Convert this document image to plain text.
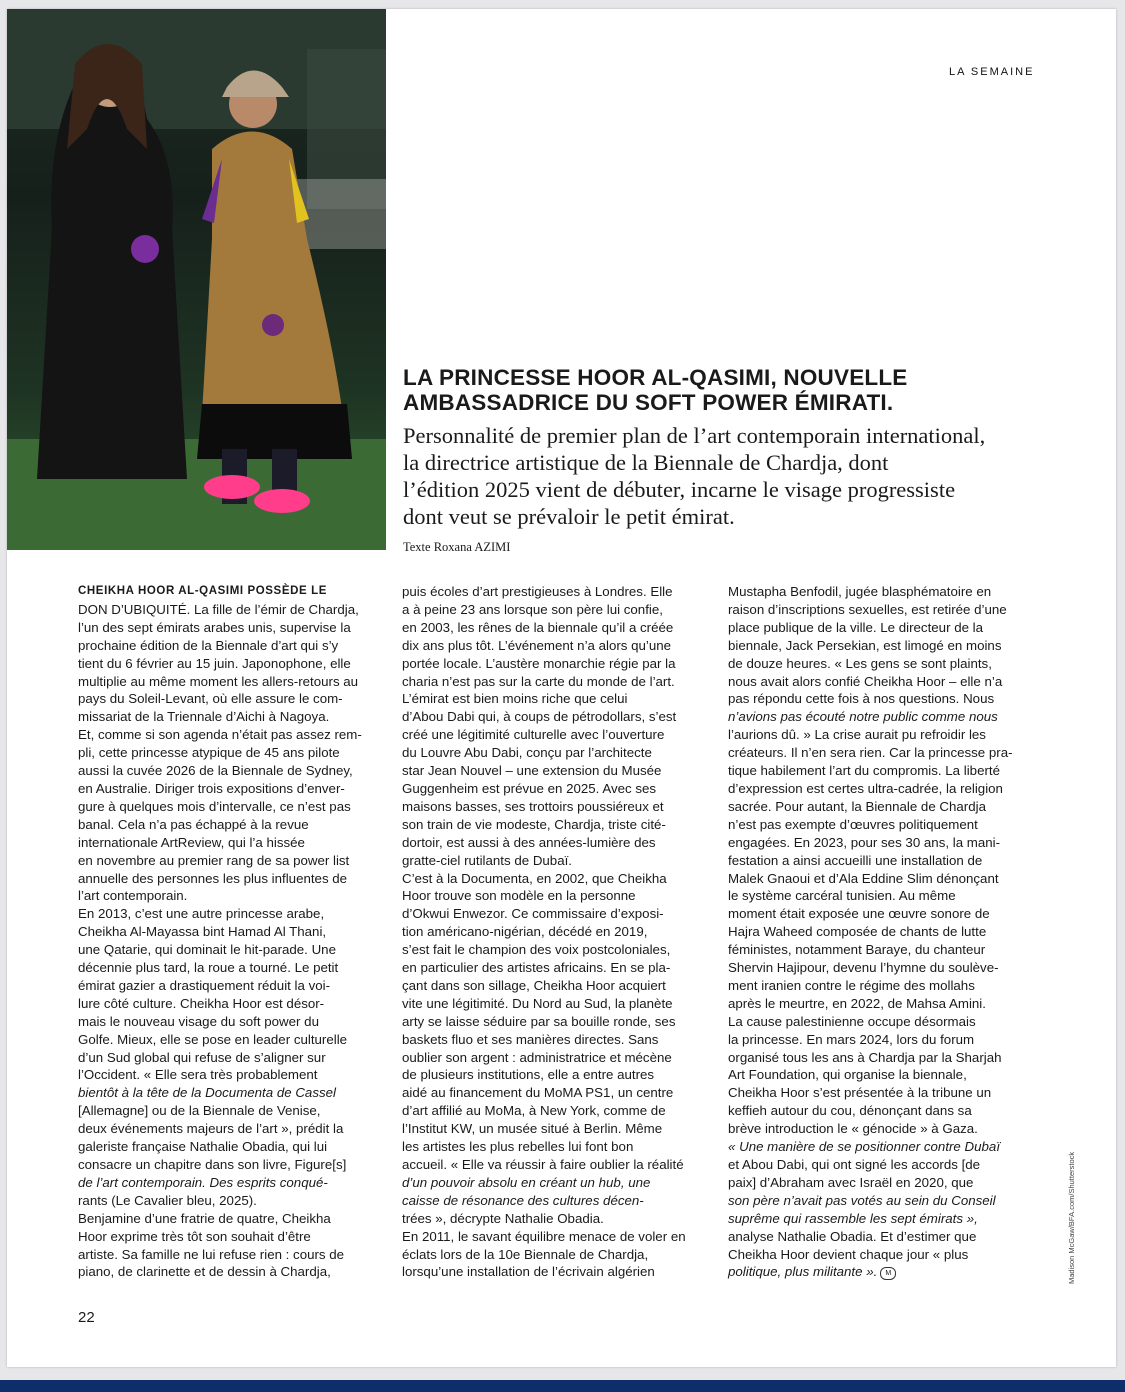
LA SEMAINE
LA PRINCESSE HOOR AL-QASIMI, NOUVELLE
AMBASSADRICE DU SOFT POWER ÉMIRATI.
Personnalité de premier plan de l’art contemporain international,
la directrice artistique de la Biennale de Chardja, dont
l’édition 2025 vient de débuter, incarne le visage progressiste
dont veut se prévaloir le petit émirat.
Texte Roxana AZIMI
CHEIKHA HOOR AL-QASIMI POSSÈDE LE
DON D’UBIQUITÉ. La fille de l’émir de Chardja,
l’un des sept émirats arabes unis, supervise la
prochaine édition de la Biennale d’art qui s’y
tient du 6 février au 15 juin. Japonophone, elle
multiplie au même moment les allers-retours au
pays du Soleil-Levant, où elle assure le com-
missariat de la Triennale d’Aichi à Nagoya.
Et, comme si son agenda n’était pas assez rem-
pli, cette princesse atypique de 45 ans pilote
aussi la cuvée 2026 de la Biennale de Sydney,
en Australie. Diriger trois expositions d’enver-
gure à quelques mois d’intervalle, ce n’est pas
banal. Cela n’a pas échappé à la revue
internationale ArtReview, qui l’a hissée
en novembre au premier rang de sa power list
annuelle des personnes les plus influentes de
l’art contemporain.
En 2013, c’est une autre princesse arabe,
Cheikha Al-Mayassa bint Hamad Al Thani,
une Qatarie, qui dominait le hit-parade. Une
décennie plus tard, la roue a tourné. Le petit
émirat gazier a drastiquement réduit la voi-
lure côté culture. Cheikha Hoor est désor-
mais le nouveau visage du soft power du
Golfe. Mieux, elle se pose en leader culturelle
d’un Sud global qui refuse de s’aligner sur
l’Occident. « Elle sera très probablement
bientôt à la tête de la Documenta de Cassel
[Allemagne] ou de la Biennale de Venise,
deux événements majeurs de l’art », prédit la
galeriste française Nathalie Obadia, qui lui
consacre un chapitre dans son livre, Figure[s]
de l’art contemporain. Des esprits conqué-
rants (Le Cavalier bleu, 2025).
Benjamine d’une fratrie de quatre, Cheikha
Hoor exprime très tôt son souhait d’être
artiste. Sa famille ne lui refuse rien : cours de
piano, de clarinette et de dessin à Chardja,
puis écoles d’art prestigieuses à Londres. Elle
a à peine 23 ans lorsque son père lui confie,
en 2003, les rênes de la biennale qu’il a créée
dix ans plus tôt. L’événement n’a alors qu’une
portée locale. L’austère monarchie régie par la
charia n’est pas sur la carte du monde de l’art.
L’émirat est bien moins riche que celui
d’Abou Dabi qui, à coups de pétrodollars, s’est
créé une légitimité culturelle avec l’ouverture
du Louvre Abu Dabi, conçu par l’architecte
star Jean Nouvel – une extension du Musée
Guggenheim est prévue en 2025. Avec ses
maisons basses, ses trottoirs poussiéreux et
son train de vie modeste, Chardja, triste cité-
dortoir, est aussi à des années-lumière des
gratte-ciel rutilants de Dubaï.
C’est à la Documenta, en 2002, que Cheikha
Hoor trouve son modèle en la personne
d’Okwui Enwezor. Ce commissaire d’exposi-
tion américano-nigérian, décédé en 2019,
s’est fait le champion des voix postcoloniales,
en particulier des artistes africains. En se pla-
çant dans son sillage, Cheikha Hoor acquiert
vite une légitimité. Du Nord au Sud, la planète
arty se laisse séduire par sa bouille ronde, ses
baskets fluo et ses manières directes. Sans
oublier son argent : administratrice et mécène
de plusieurs institutions, elle a entre autres
aidé au financement du MoMA PS1, un centre
d’art affilié au MoMa, à New York, comme de
l’Institut KW, un musée situé à Berlin. Même
les artistes les plus rebelles lui font bon
accueil. « Elle va réussir à faire oublier la réalité
d’un pouvoir absolu en créant un hub, une
caisse de résonance des cultures décen-
trées », décrypte Nathalie Obadia.
En 2011, le savant équilibre menace de voler en
éclats lors de la 10e Biennale de Chardja,
lorsqu’une installation de l’écrivain algérien
Mustapha Benfodil, jugée blasphématoire en
raison d’inscriptions sexuelles, est retirée d’une
place publique de la ville. Le directeur de la
biennale, Jack Persekian, est limogé en moins
de douze heures. « Les gens se sont plaints,
nous avait alors confié Cheikha Hoor – elle n’a
pas répondu cette fois à nos questions. Nous
n’avions pas écouté notre public comme nous
l’aurions dû. » La crise aurait pu refroidir les
créateurs. Il n’en sera rien. Car la princesse pra-
tique habilement l’art du compromis. La liberté
d’expression est certes ultra-cadrée, la religion
sacrée. Pour autant, la Biennale de Chardja
n’est pas exempte d’œuvres politiquement
engagées. En 2023, pour ses 30 ans, la mani-
festation a ainsi accueilli une installation de
Malek Gnaoui et d’Ala Eddine Slim dénonçant
le système carcéral tunisien. Au même
moment était exposée une œuvre sonore de
Hajra Waheed composée de chants de lutte
féministes, notamment Baraye, du chanteur
Shervin Hajipour, devenu l’hymne du soulève-
ment iranien contre le régime des mollahs
après le meurtre, en 2022, de Mahsa Amini.
La cause palestinienne occupe désormais
la princesse. En mars 2024, lors du forum
organisé tous les ans à Chardja par la Sharjah
Art Foundation, qui organise la biennale,
Cheikha Hoor s’est présentée à la tribune un
keffieh autour du cou, dénonçant dans sa
brève introduction le « génocide » à Gaza.
« Une manière de se positionner contre Dubaï
et Abou Dabi, qui ont signé les accords [de
paix] d’Abraham avec Israël en 2020, que
son père n’avait pas votés au sein du Conseil
suprême qui rassemble les sept émirats »,
analyse Nathalie Obadia. Et d’estimer que
Cheikha Hoor devient chaque jour « plus
politique, plus militante ». M
22
Madison McGaw/BFA.com/Shutterstock
